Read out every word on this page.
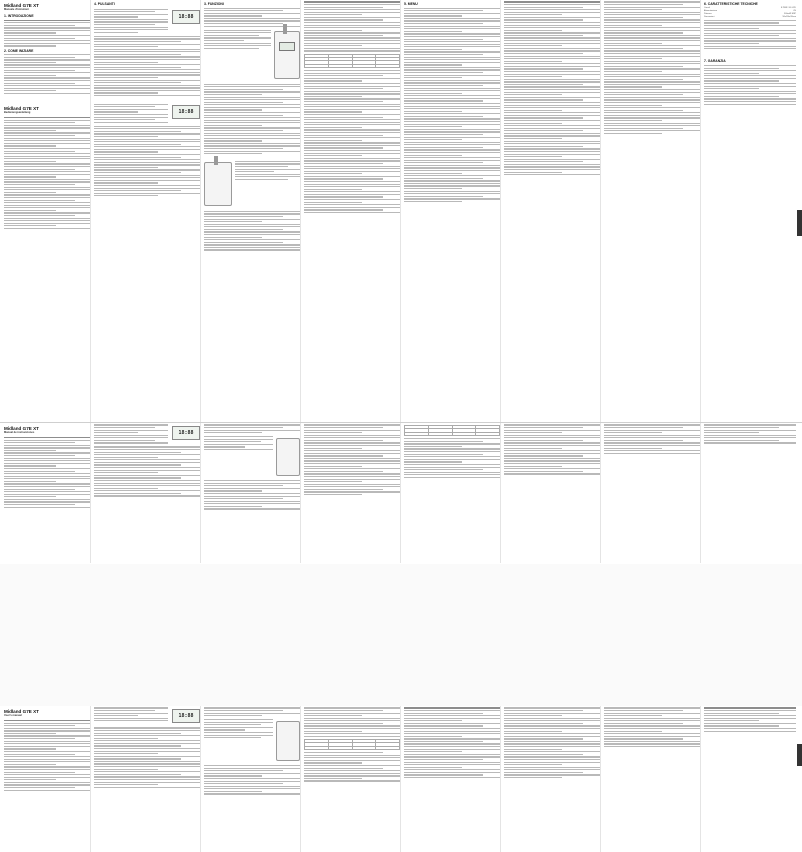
Midland G7E XT
Manuale d'istruzioni
1. INTRODUZIONE
2. COME INIZIARE
Midland G7E XT
Bedienungsanleitung
4. PULSANTI
18:88
18:88
3. FUNZIONI

				5. MENU	6. CARATTERISTICHE TECNICHE
Canali	8 PMR / 69 LPD
Alimentazione	6V
Potenza	500mW ERP
Dimensioni	58x110x32mm
7. GARANZIA
Midland G7E XT
Manual de instrucciones	18:88

Midland G7E XT
User's manual	18:88
